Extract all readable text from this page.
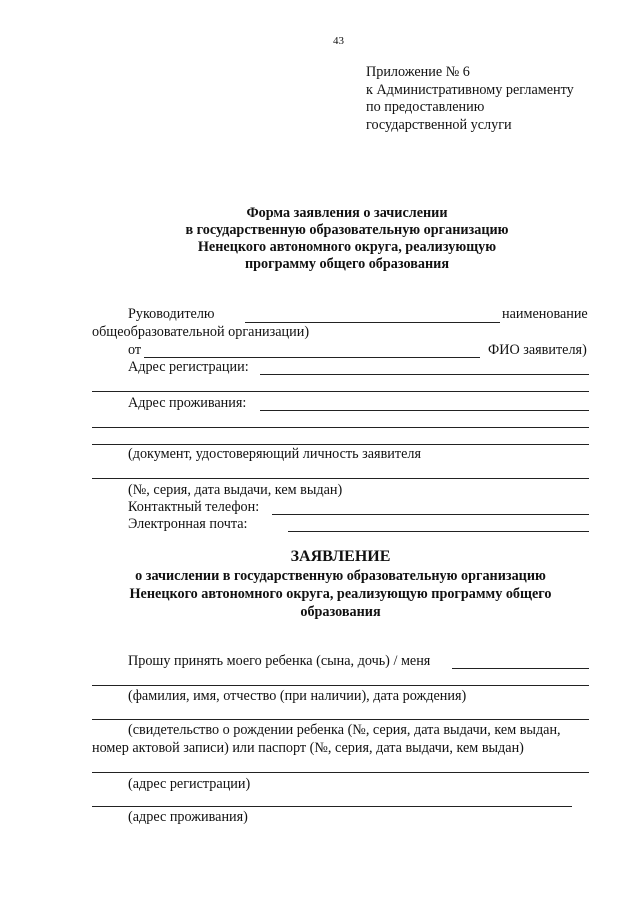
43
Приложение № 6
к Административному регламенту
по предоставлению
государственной услуги
Форма заявления о зачислении
в государственную образовательную организацию
Ненецкого автономного округа, реализующую
программу общего образования
Руководителю	наименование
общеобразовательной организации)
от	ФИО заявителя)
Адрес регистрации:
Адрес проживания:
(документ, удостоверяющий личность заявителя
(№, серия, дата выдачи, кем выдан)
Контактный телефон:
Электронная почта:
ЗАЯВЛЕНИЕ
о зачислении в государственную образовательную организацию
Ненецкого автономного округа, реализующую программу общего
образования
Прошу принять моего ребенка (сына, дочь) / меня
(фамилия, имя, отчество (при наличии), дата рождения)
(свидетельство о рождении ребенка (№, серия, дата выдачи, кем выдан,
номер актовой записи) или паспорт (№, серия, дата выдачи, кем выдан)
(адрес регистрации)
(адрес проживания)
